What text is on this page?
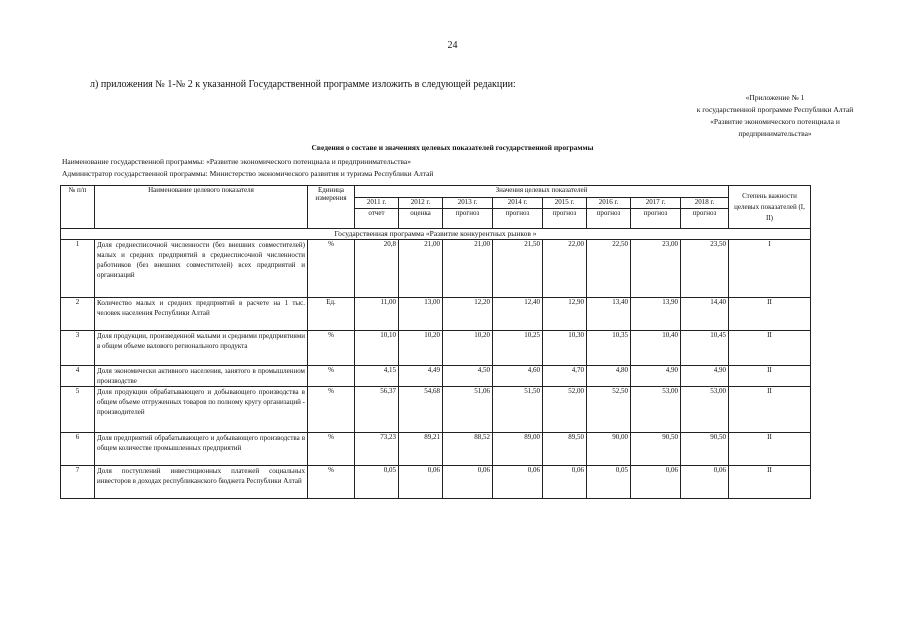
24
л) приложения № 1-№ 2 к указанной Государственной программе изложить в следующей редакции:
«Приложение № 1
к государственной программе Республики Алтай
«Развитие экономического потенциала и
предпринимательства»
Сведения о составе и значениях целевых показателей государственной программы
Наименование государственной программы: «Развитие экономического потенциала и предпринимательства»
Администратор государственной программы: Министерство экономического развития и туризма Республики Алтай
№ п/п	Наименование целевого показателя	Единица измерения	Значения целевых показателей								Степень важности целевых показателей (I, II)
			2011 г.	2012 г.	2013 г.	2014 г.	2015 г.	2016 г.	2017 г.	2018 г.	
			отчет	оценка	прогноз	прогноз	прогноз	прогноз	прогноз	прогноз	
Государственная программа «Развитие конкурентных рынков »											
1	Доля среднесписочной численности (без внешних совместителей) малых и средних предприятий в среднесписочной численности работников (без внешних совместителей) всех предприятий и организаций	%	20,8	21,00	21,00	21,50	22,00	22,50	23,00	23,50	I
2	Количество малых и средних предприятий в расчете на 1 тыс. человек населения Республики Алтай	Ед.	11,00	13,00	12,20	12,40	12,90	13,40	13,90	14,40	II
3	Доля продукции, произведенной малыми и средними предприятиями в общем объеме валового регионального продукта	%	10,10	10,20	10,20	10,25	10,30	10,35	10,40	10,45	II
4	Доля экономически активного населения, занятого в промышленном производстве	%	4,15	4,49	4,50	4,60	4,70	4,80	4,90	4,90	II
5	Доля продукции обрабатывающего и добывающего производства в общем объеме отгруженных товаров по полному кругу организаций - производителей	%	56,37	54,68	51,06	51,50	52,00	52,50	53,00	53,00	II
6	Доля предприятий обрабатывающего и добывающего производства в общем количестве промышленных предприятий	%	73,23	89,21	88,52	89,00	89,50	90,00	90,50	90,50	II
7	Доля поступлений инвестиционных платежей социальных инвесторов в доходах республиканского бюджета Республики Алтай	%	0,05	0,06	0,06	0,06	0,06	0,05	0,06	0,06	II
